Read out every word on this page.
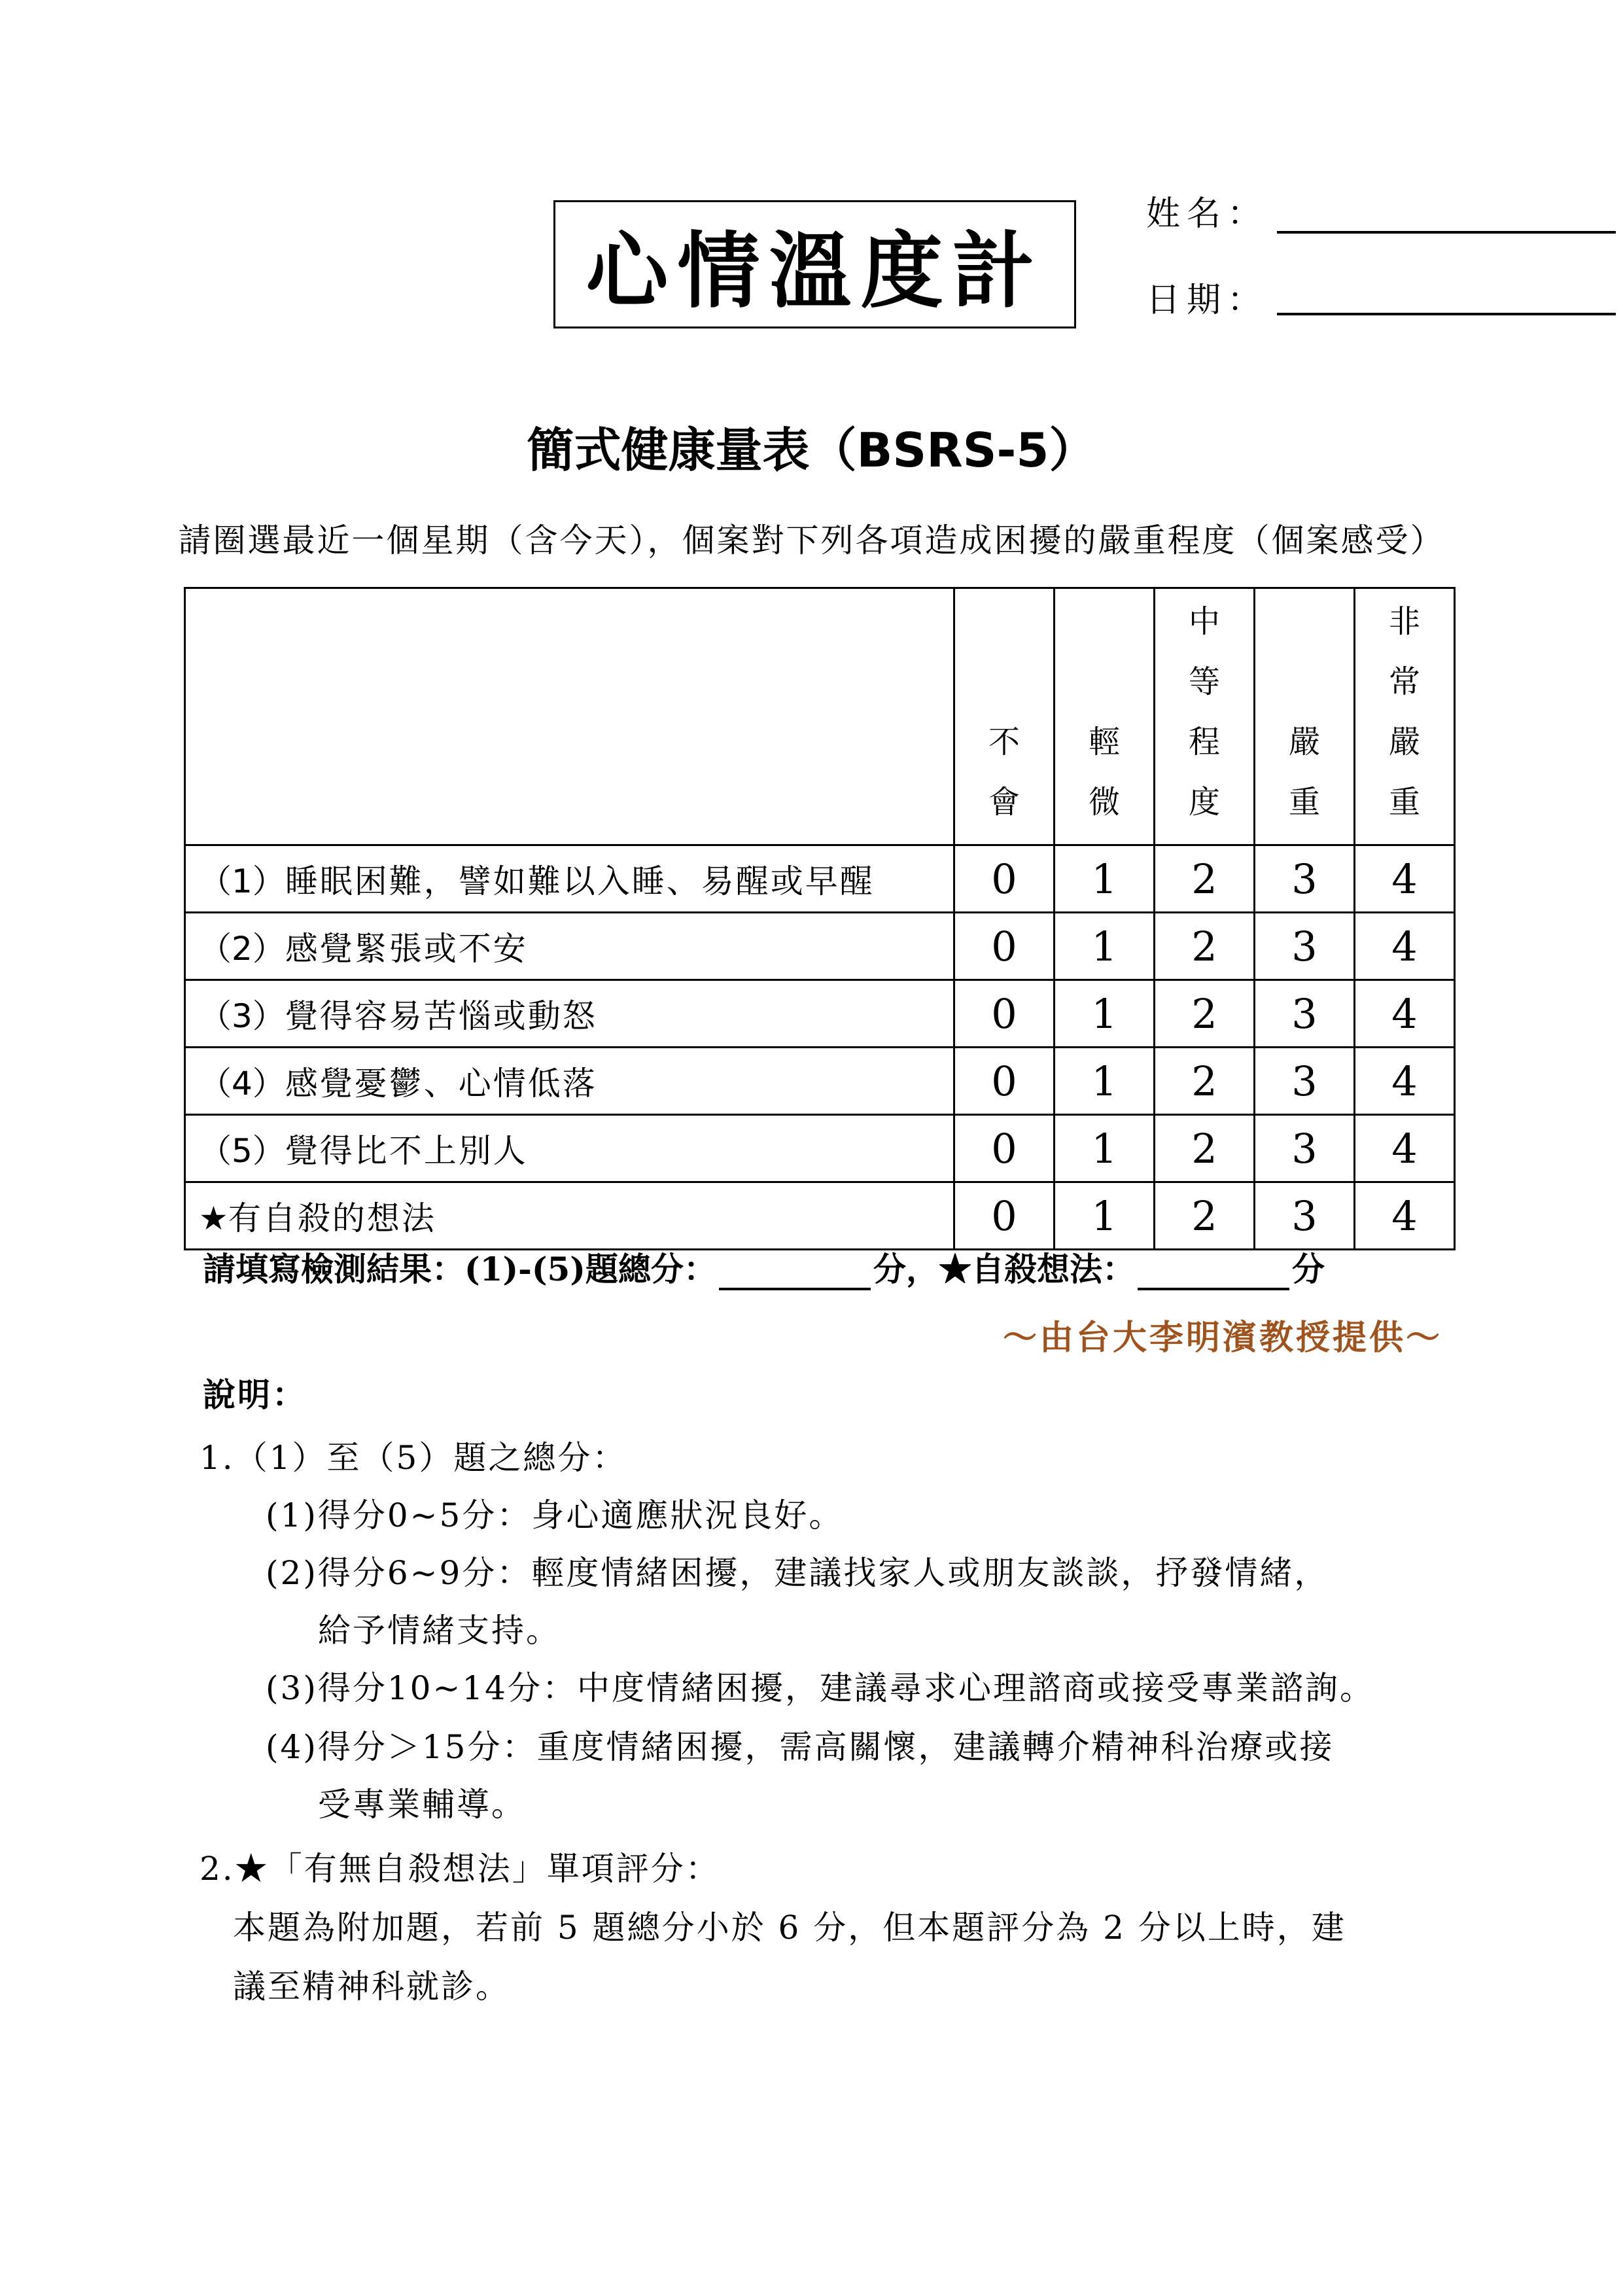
心情溫度計
姓名：
日期：
簡式健康量表（BSRS-5）
請圈選最近一個星期（含今天），個案對下列各項造成困擾的嚴重程度（個案感受）
	不會	輕微	中等程度	嚴重	非常嚴重
（1）睡眠困難，譬如難以入睡、易醒或早醒	0	1	2	3	4
（2）感覺緊張或不安	0	1	2	3	4
（3）覺得容易苦惱或動怒	0	1	2	3	4
（4）感覺憂鬱、心情低落	0	1	2	3	4
（5）覺得比不上別人	0	1	2	3	4
★有自殺的想法	0	1	2	3	4
請填寫檢測結果：(1)-(5)題總分：	分，★自殺想法：	分
～由台大李明濱教授提供～
說明：
1.（1）至（5）題之總分：
(1)得分0~5分：身心適應狀況良好。
(2)得分6~9分：輕度情緒困擾，建議找家人或朋友談談，抒發情緒，
給予情緒支持。
(3)得分10~14分：中度情緒困擾，建議尋求心理諮商或接受專業諮詢。
(4)得分＞15分：重度情緒困擾，需高關懷，建議轉介精神科治療或接
受專業輔導。
2.★「有無自殺想法」單項評分：
本題為附加題，若前 5 題總分小於 6 分，但本題評分為 2 分以上時，建
議至精神科就診。
